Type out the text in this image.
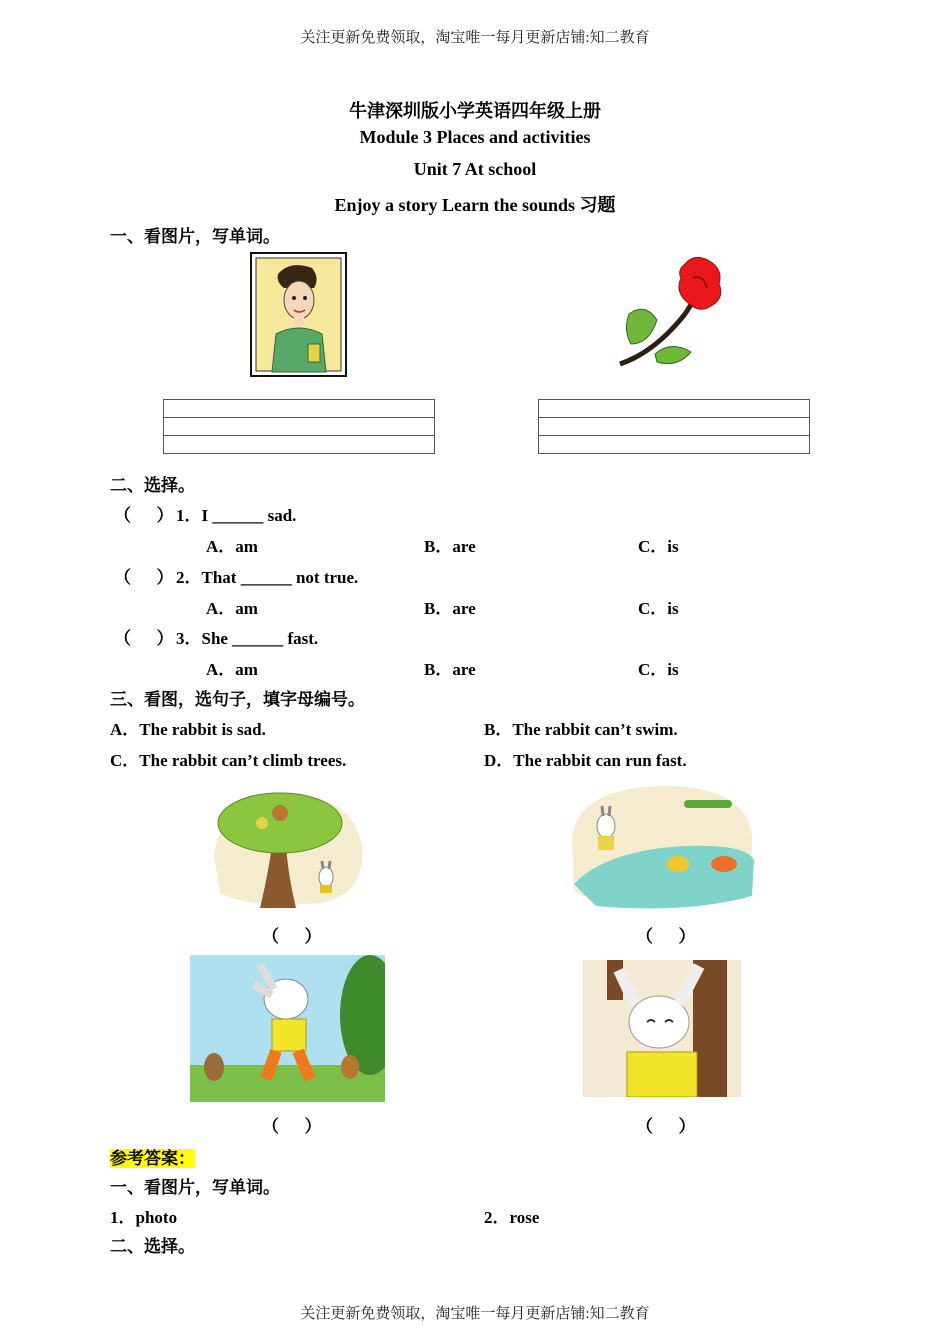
关注更新免费领取，淘宝唯一每月更新店铺:知二教育
关注更新免费领取，淘宝唯一每月更新店铺:知二教育
牛津深圳版小学英语四年级上册
Module 3 Places and activities
Unit 7 At school
Enjoy a story Learn the sounds 习题
一、看图片，写单词。
二、选择。
（      ） 1．I ______ sad.
A．am	B．are	C．is
（      ） 2．That ______ not true.
A．am	B．are	C．is
（      ） 3．She ______ fast.
A．am	B．are	C．is
三、看图，选句子，填字母编号。
A．The rabbit is sad.	B．The rabbit can’t swim.
C．The rabbit can’t climb trees.	D．The rabbit can run fast.
（      ）	（      ）
（      ）	（      ）
参考答案：
一、看图片，写单词。
1．photo	2．rose
二、选择。
